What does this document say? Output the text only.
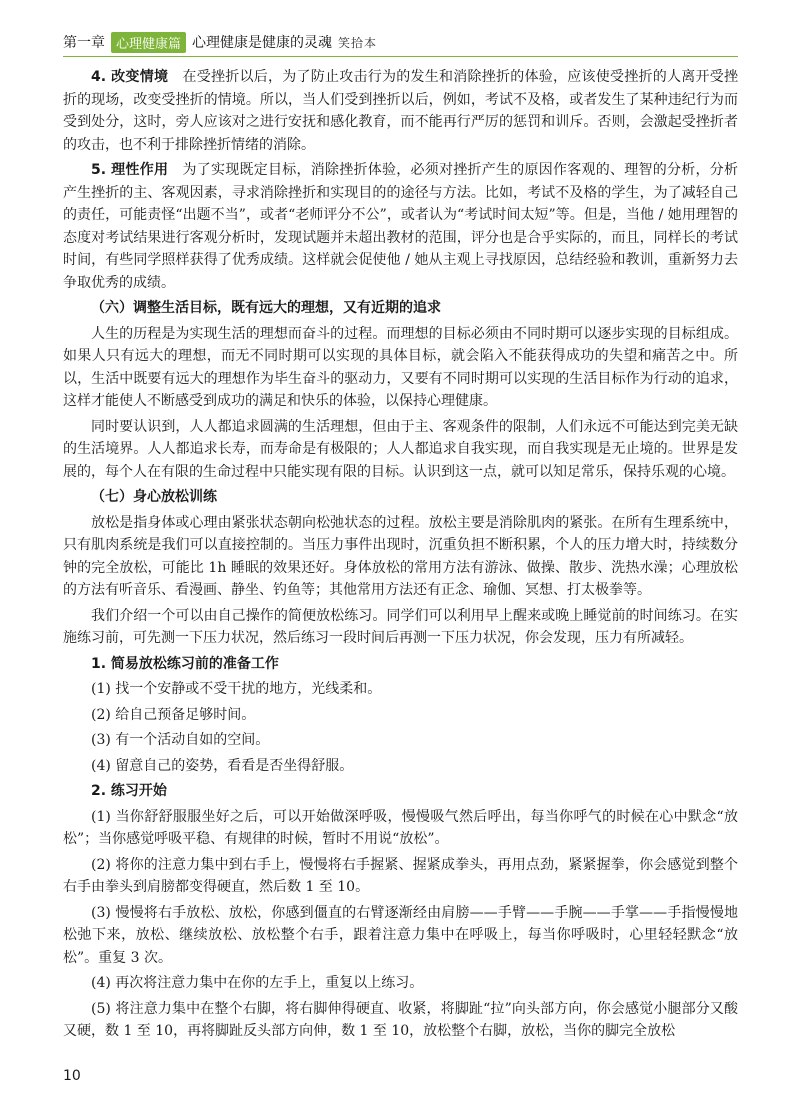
第一章 心理健康篇 心理健康是健康的灵魂 笑拾本

4. 改变情境　 在受挫折以后，为了防止攻击行为的发生和消除挫折的体验，应该使受挫折的人离开受挫折的现场，改变受挫折的情境。所以，当人们受到挫折以后，例如，考试不及格，或者发生了某种违纪行为而受到处分，这时，旁人应该对之进行安抚和感化教育，而不能再行严厉的惩罚和训斥。否则，会激起受挫折者的攻击，也不利于排除挫折情绪的消除。

5. 理性作用　 为了实现既定目标，消除挫折体验，必须对挫折产生的原因作客观的、理智的分析，分析产生挫折的主、客观因素，寻求消除挫折和实现目的的途径与方法。比如，考试不及格的学生，为了减轻自己的责任，可能责怪“出题不当”，或者“老师评分不公”，或者认为“考试时间太短”等。但是，当他 / 她用理智的态度对考试结果进行客观分析时，发现试题并未超出教材的范围，评分也是合乎实际的，而且，同样长的考试时间，有些同学照样获得了优秀成绩。这样就会促使他 / 她从主观上寻找原因，总结经验和教训，重新努力去争取优秀的成绩。

（六）调整生活目标，既有远大的理想，又有近期的追求

人生的历程是为实现生活的理想而奋斗的过程。而理想的目标必须由不同时期可以逐步实现的目标组成。如果人只有远大的理想，而无不同时期可以实现的具体目标，就会陷入不能获得成功的失望和痛苦之中。所以，生活中既要有远大的理想作为毕生奋斗的驱动力，又要有不同时期可以实现的生活目标作为行动的追求，这样才能使人不断感受到成功的满足和快乐的体验，以保持心理健康。

同时要认识到，人人都追求圆满的生活理想，但由于主、客观条件的限制，人们永远不可能达到完美无缺的生活境界。人人都追求长寿，而寿命是有极限的；人人都追求自我实现，而自我实现是无止境的。世界是发展的，每个人在有限的生命过程中只能实现有限的目标。认识到这一点，就可以知足常乐，保持乐观的心境。

（七）身心放松训练

放松是指身体或心理由紧张状态朝向松弛状态的过程。放松主要是消除肌肉的紧张。在所有生理系统中，只有肌肉系统是我们可以直接控制的。当压力事件出现时，沉重负担不断积累，个人的压力增大时，持续数分钟的完全放松，可能比 1h 睡眠的效果还好。身体放松的常用方法有游泳、做操、散步、洗热水澡；心理放松的方法有听音乐、看漫画、静坐、钓鱼等；其他常用方法还有正念、瑜伽、冥想、打太极拳等。

我们介绍一个可以由自己操作的简便放松练习。同学们可以利用早上醒来或晚上睡觉前的时间练习。在实施练习前，可先测一下压力状况，然后练习一段时间后再测一下压力状况，你会发现，压力有所减轻。

1. 简易放松练习前的准备工作

(1) 找一个安静或不受干扰的地方，光线柔和。

(2) 给自己预备足够时间。

(3) 有一个活动自如的空间。

(4) 留意自己的姿势，看看是否坐得舒服。

2. 练习开始

(1) 当你舒舒服服坐好之后，可以开始做深呼吸，慢慢吸气然后呼出，每当你呼气的时候在心中默念“放松”；当你感觉呼吸平稳、有规律的时候，暂时不用说“放松”。

(2) 将你的注意力集中到右手上，慢慢将右手握紧、握紧成拳头，再用点劲，紧紧握拳，你会感觉到整个右手由拳头到肩膀都变得硬直，然后数 1 至 10。

(3) 慢慢将右手放松、放松，你感到僵直的右臂逐渐经由肩膀——手臂——手腕——手掌——手指慢慢地松弛下来，放松、继续放松、放松整个右手，跟着注意力集中在呼吸上，每当你呼吸时，心里轻轻默念“放松”。重复 3 次。

(4) 再次将注意力集中在你的左手上，重复以上练习。

(5) 将注意力集中在整个右脚，将右脚伸得硬直、收紧，将脚趾“拉”向头部方向，你会感觉小腿部分又酸又硬，数 1 至 10，再将脚趾反头部方向伸，数 1 至 10，放松整个右脚，放松，当你的脚完全放松

10
